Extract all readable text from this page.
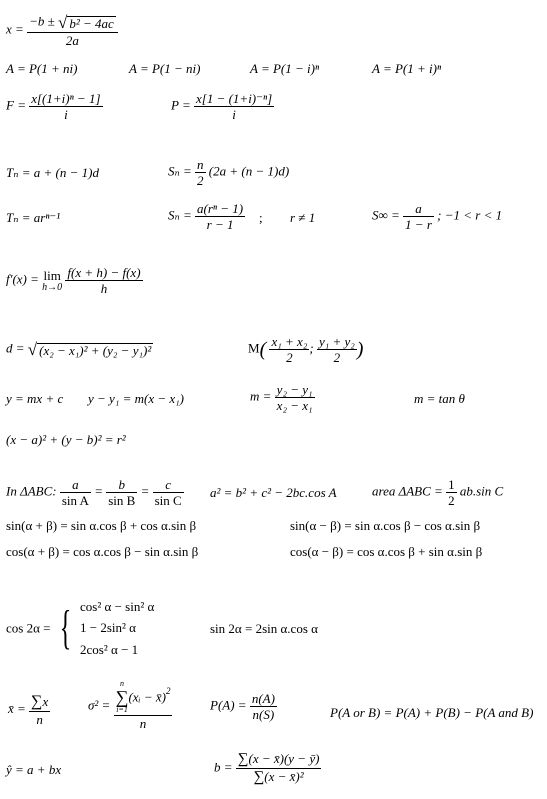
$x = \frac{\text{−b ± √ b² − 4ac}}{2a}$
A = P(1 + ni)	A = P(1 − ni)	A = P(1 − i)ⁿ	A = P(1 + i)ⁿ
$F = \frac{\text{x[(1+i)ⁿ − 1]}}{i}$	$P = \frac{\text{x[1 − (1+i)⁻ⁿ]}}{i}$
Tₙ = a + (n − 1)d	$S_n = \frac{n}{2} (2a + (n - 1)d)$
Tₙ = arⁿ⁻¹	$S_n = \frac{\text{a(rⁿ − 1)}}{r - 1}$ ; r ≠ 1	$S\infty = \frac{a}{1 - r}$ ; −1 < r < 1
f′(x) = lim
h→0
$\frac{f(x + h) - f(x)}{h}$
d = √ (x₂ − x₁)² + (y₂ − y₁)²	$M( \frac{\text{x₁ + x₂}}{2}$ ; $\frac{\text{y₁ + y₂}}{2}$ )
y = mx + c y − y₁ = m(x − x₁)	$m = \frac{\text{y₂ − y₁}}{\text{x₂ − x₁}}$	m = tan θ
(x − a)² + (y − b)² = r²
In ΔABC: $\frac{a}{\text{sin A}} = \frac{b}{\text{sin B}} = \frac{c}{\text{sin C}} a^2 = b^2 + c^2 - 2bc.\cos$ A	area $\Delta ABC = \frac{1}{2} ab.\sin$ C
sin(α + β) = sin α.cos β + cos α.sin β	sin(α − β) = sin α.cos β − cos α.sin β
cos(α + β) = cos α.cos β − sin α.sin β	cos(α − β) = cos α.cos β + sin α.sin β
cos 2α = { cos² α − sin² α
1 − 2sin² α
2cos² α − 1
sin 2α = 2sin α.cos α
x̄ = $\frac{\sum x}{n}$	σ² = n
∑
i=1
(xᵢ − x̄)$^2$
n	$P(A) = \frac{n(A)}{n(S)}$	P(A or B) = P(A) + P(B) − P(A and B)
ŷ = a + bx	$b = \frac{\sum(x - x̄)(y - ȳ)}{\text{∑(x − x̄)²}}$
